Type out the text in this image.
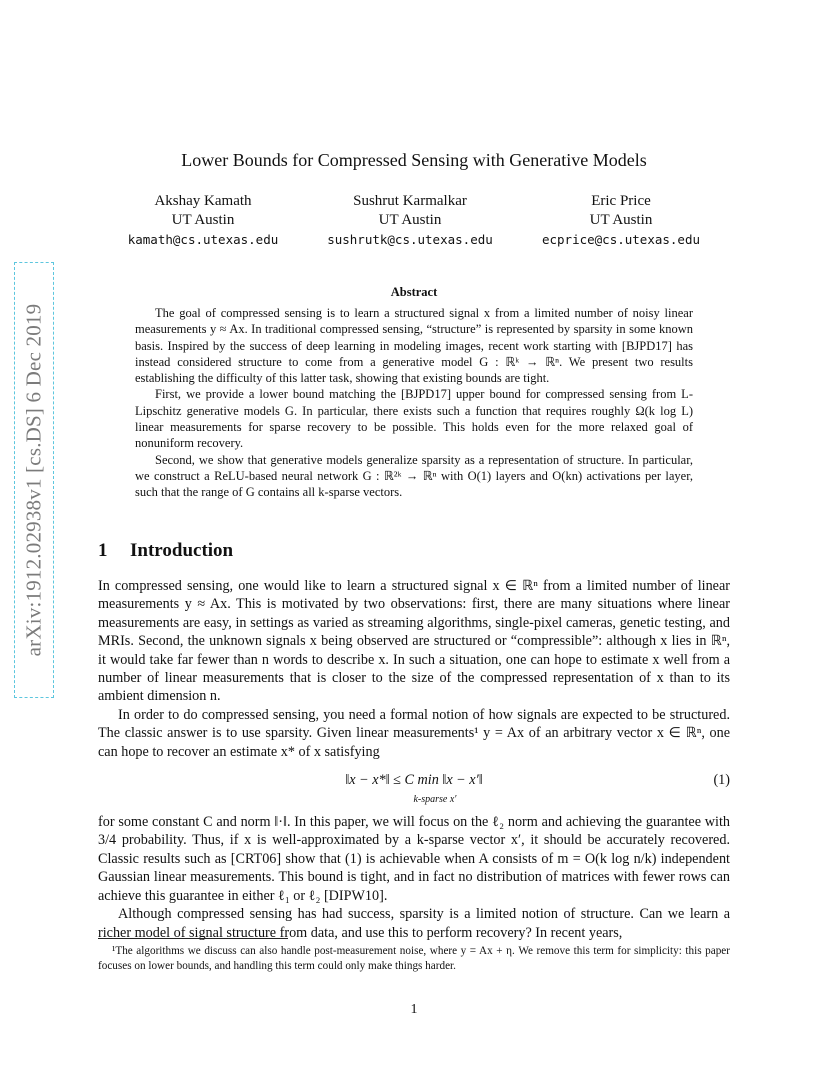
arXiv:1912.02938v1 [cs.DS] 6 Dec 2019
Lower Bounds for Compressed Sensing with Generative Models
Akshay Kamath
UT Austin
kamath@cs.utexas.edu
Sushrut Karmalkar
UT Austin
sushrutk@cs.utexas.edu
Eric Price
UT Austin
ecprice@cs.utexas.edu
Abstract

The goal of compressed sensing is to learn a structured signal x from a limited number of noisy linear measurements y ≈ Ax. In traditional compressed sensing, “structure” is represented by sparsity in some known basis. Inspired by the success of deep learning in modeling images, recent work starting with [BJPD17] has instead considered structure to come from a generative model G : ℝᵏ → ℝⁿ. We present two results establishing the difficulty of this latter task, showing that existing bounds are tight.

First, we provide a lower bound matching the [BJPD17] upper bound for compressed sensing from L-Lipschitz generative models G. In particular, there exists such a function that requires roughly Ω(k log L) linear measurements for sparse recovery to be possible. This holds even for the more relaxed goal of nonuniform recovery.

Second, we show that generative models generalize sparsity as a representation of structure. In particular, we construct a ReLU-based neural network G : ℝ²ᵏ → ℝⁿ with O(1) layers and O(kn) activations per layer, such that the range of G contains all k-sparse vectors.

1 Introduction

In compressed sensing, one would like to learn a structured signal x ∈ ℝⁿ from a limited number of linear measurements y ≈ Ax. This is motivated by two observations: first, there are many situations where linear measurements are easy, in settings as varied as streaming algorithms, single-pixel cameras, genetic testing, and MRIs. Second, the unknown signals x being observed are structured or “compressible”: although x lies in ℝⁿ, it would take far fewer than n words to describe x. In such a situation, one can hope to estimate x well from a number of linear measurements that is closer to the size of the compressed representation of x than to its ambient dimension n.

In order to do compressed sensing, you need a formal notion of how signals are expected to be structured. The classic answer is to use sparsity. Given linear measurements¹ y = Ax of an arbitrary vector x ∈ ℝⁿ, one can hope to recover an estimate x* of x satisfying

‖x − x*‖ ≤ C min ‖x − x′‖
k-sparse x′
(1)

for some constant C and norm ‖·‖. In this paper, we will focus on the ℓ₂ norm and achieving the guarantee with 3/4 probability. Thus, if x is well-approximated by a k-sparse vector x′, it should be accurately recovered. Classic results such as [CRT06] show that (1) is achievable when A consists of m = O(k log n/k) independent Gaussian linear measurements. This bound is tight, and in fact no distribution of matrices with fewer rows can achieve this guarantee in either ℓ₁ or ℓ₂ [DIPW10].

Although compressed sensing has had success, sparsity is a limited notion of structure. Can we learn a richer model of signal structure from data, and use this to perform recovery? In recent years,

¹The algorithms we discuss can also handle post-measurement noise, where y = Ax + η. We remove this term for simplicity: this paper focuses on lower bounds, and handling this term could only make things harder.
1
